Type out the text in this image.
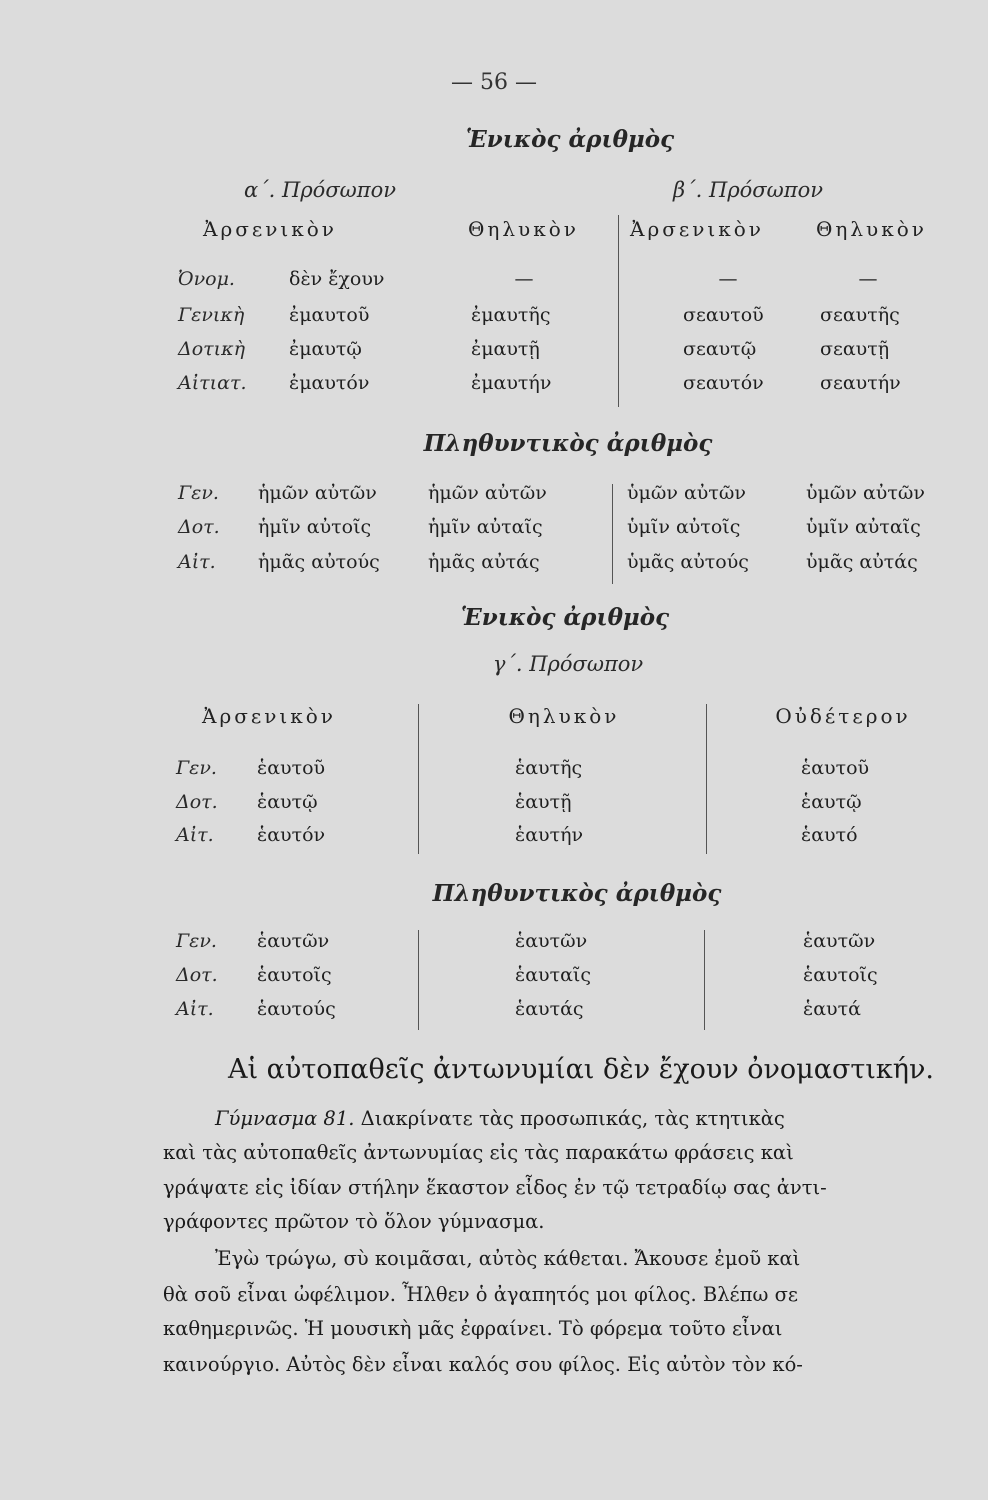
— 56 —
Ἑνικὸς ἀριθμὸς
α΄. Πρόσωπον	β΄. Πρόσωπον
Ἀρσενικὸν	Θηλυκὸν	Ἀρσενικὸν	Θηλυκὸν
Ὀνομ.	δὲν ἔχουν	—	—	—
Γενικὴ ἐμαυτοῦ	ἐμαυτῆς	σεαυτοῦ	σεαυτῆς
Δοτικὴ ἐμαυτῷ	ἐμαυτῇ	σεαυτῷ	σεαυτῇ
Αἰτιατ. ἐμαυτόν	ἐμαυτήν	σεαυτόν	σεαυτήν
Πληθυντικὸς ἀριθμὸς
Γεν. ἡμῶν αὐτῶν	ἡμῶν αὐτῶν	ὑμῶν αὐτῶν	ὑμῶν αὐτῶν
Δοτ. ἡμῖν αὐτοῖς	ἡμῖν αὐταῖς	ὑμῖν αὐτοῖς	ὑμῖν αὐταῖς
Αἰτ. ἡμᾶς αὐτούς	ἡμᾶς αὐτάς	ὑμᾶς αὐτούς	ὑμᾶς αὐτάς
Ἑνικὸς ἀριθμὸς
γ΄. Πρόσωπον
Ἀρσενικὸν	Θηλυκὸν	Οὐδέτερον
Γεν. ἑαυτοῦ	ἑαυτῆς	ἑαυτοῦ
Δοτ. ἑαυτῷ	ἑαυτῇ	ἑαυτῷ
Αἰτ. ἑαυτόν	ἑαυτήν	ἑαυτό
Πληθυντικὸς ἀριθμὸς
Γεν. ἑαυτῶν	ἑαυτῶν	ἑαυτῶν
Δοτ. ἑαυτοῖς	ἑαυταῖς	ἑαυτοῖς
Αἰτ. ἑαυτούς	ἑαυτάς	ἑαυτά
Αἱ αὐτοπαθεῖς ἀντωνυμίαι δὲν ἔχουν ὀνομαστικήν.
Γύμνασμα 81. Διακρίνατε τὰς προσωπικάς, τὰς κτητικὰς
καὶ τὰς αὐτοπαθεῖς ἀντωνυμίας εἰς τὰς παρακάτω φράσεις καὶ
γράψατε εἰς ἰδίαν στήλην ἕκαστον εἶδος ἐν τῷ τετραδίῳ σας ἀντι-
γράφοντες πρῶτον τὸ ὅλον γύμνασμα.
Ἐγὼ τρώγω, σὺ κοιμᾶσαι, αὐτὸς κάθεται. Ἄκουσε ἐμοῦ καὶ
θὰ σοῦ εἶναι ὠφέλιμον. Ἦλθεν ὁ ἀγαπητός μοι φίλος. Βλέπω σε
καθημερινῶς. Ἡ μουσικὴ μᾶς ἐφραίνει. Τὸ φόρεμα τοῦτο εἶναι
καινούργιο. Αὐτὸς δὲν εἶναι καλός σου φίλος. Εἰς αὐτὸν τὸν κό-
